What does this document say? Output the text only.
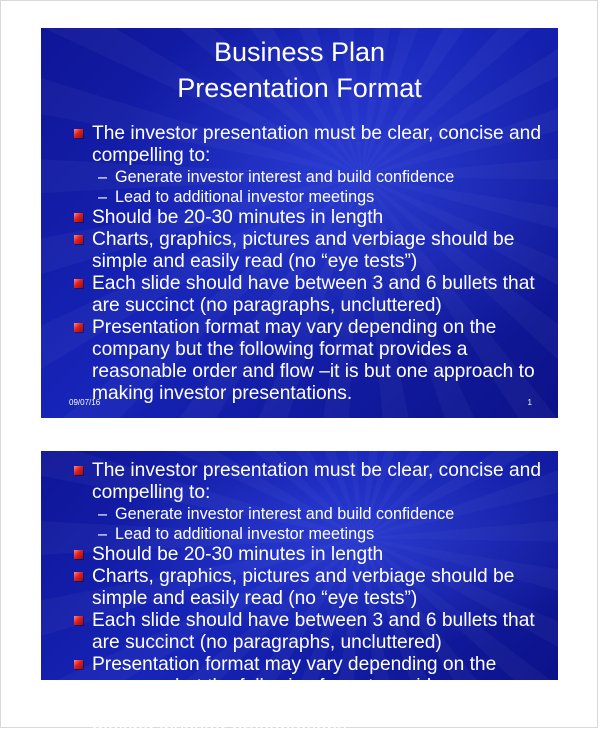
Business Plan
Presentation Format

The investor presentation must be clear, concise and compelling to:

– Generate investor interest and build confidence

– Lead to additional investor meetings

Should be 20-30 minutes in length

Charts, graphics, pictures and verbiage should be simple and easily read (no “eye tests”)

Each slide should have between 3 and 6 bullets that are succinct (no paragraphs, uncluttered)

Presentation format may vary depending on the company but the following format provides a reasonable order and flow –it is but one approach to making investor presentations.

09/07/16	1

The investor presentation must be clear, concise and compelling to:

– Generate investor interest and build confidence

– Lead to additional investor meetings

Should be 20-30 minutes in length

Charts, graphics, pictures and verbiage should be simple and easily read (no “eye tests”)

Each slide should have between 3 and 6 bullets that are succinct (no paragraphs, uncluttered)

Presentation format may vary depending on the company but the following format provides a reasonable order and flow –it is but one approach to making investor presentations.
